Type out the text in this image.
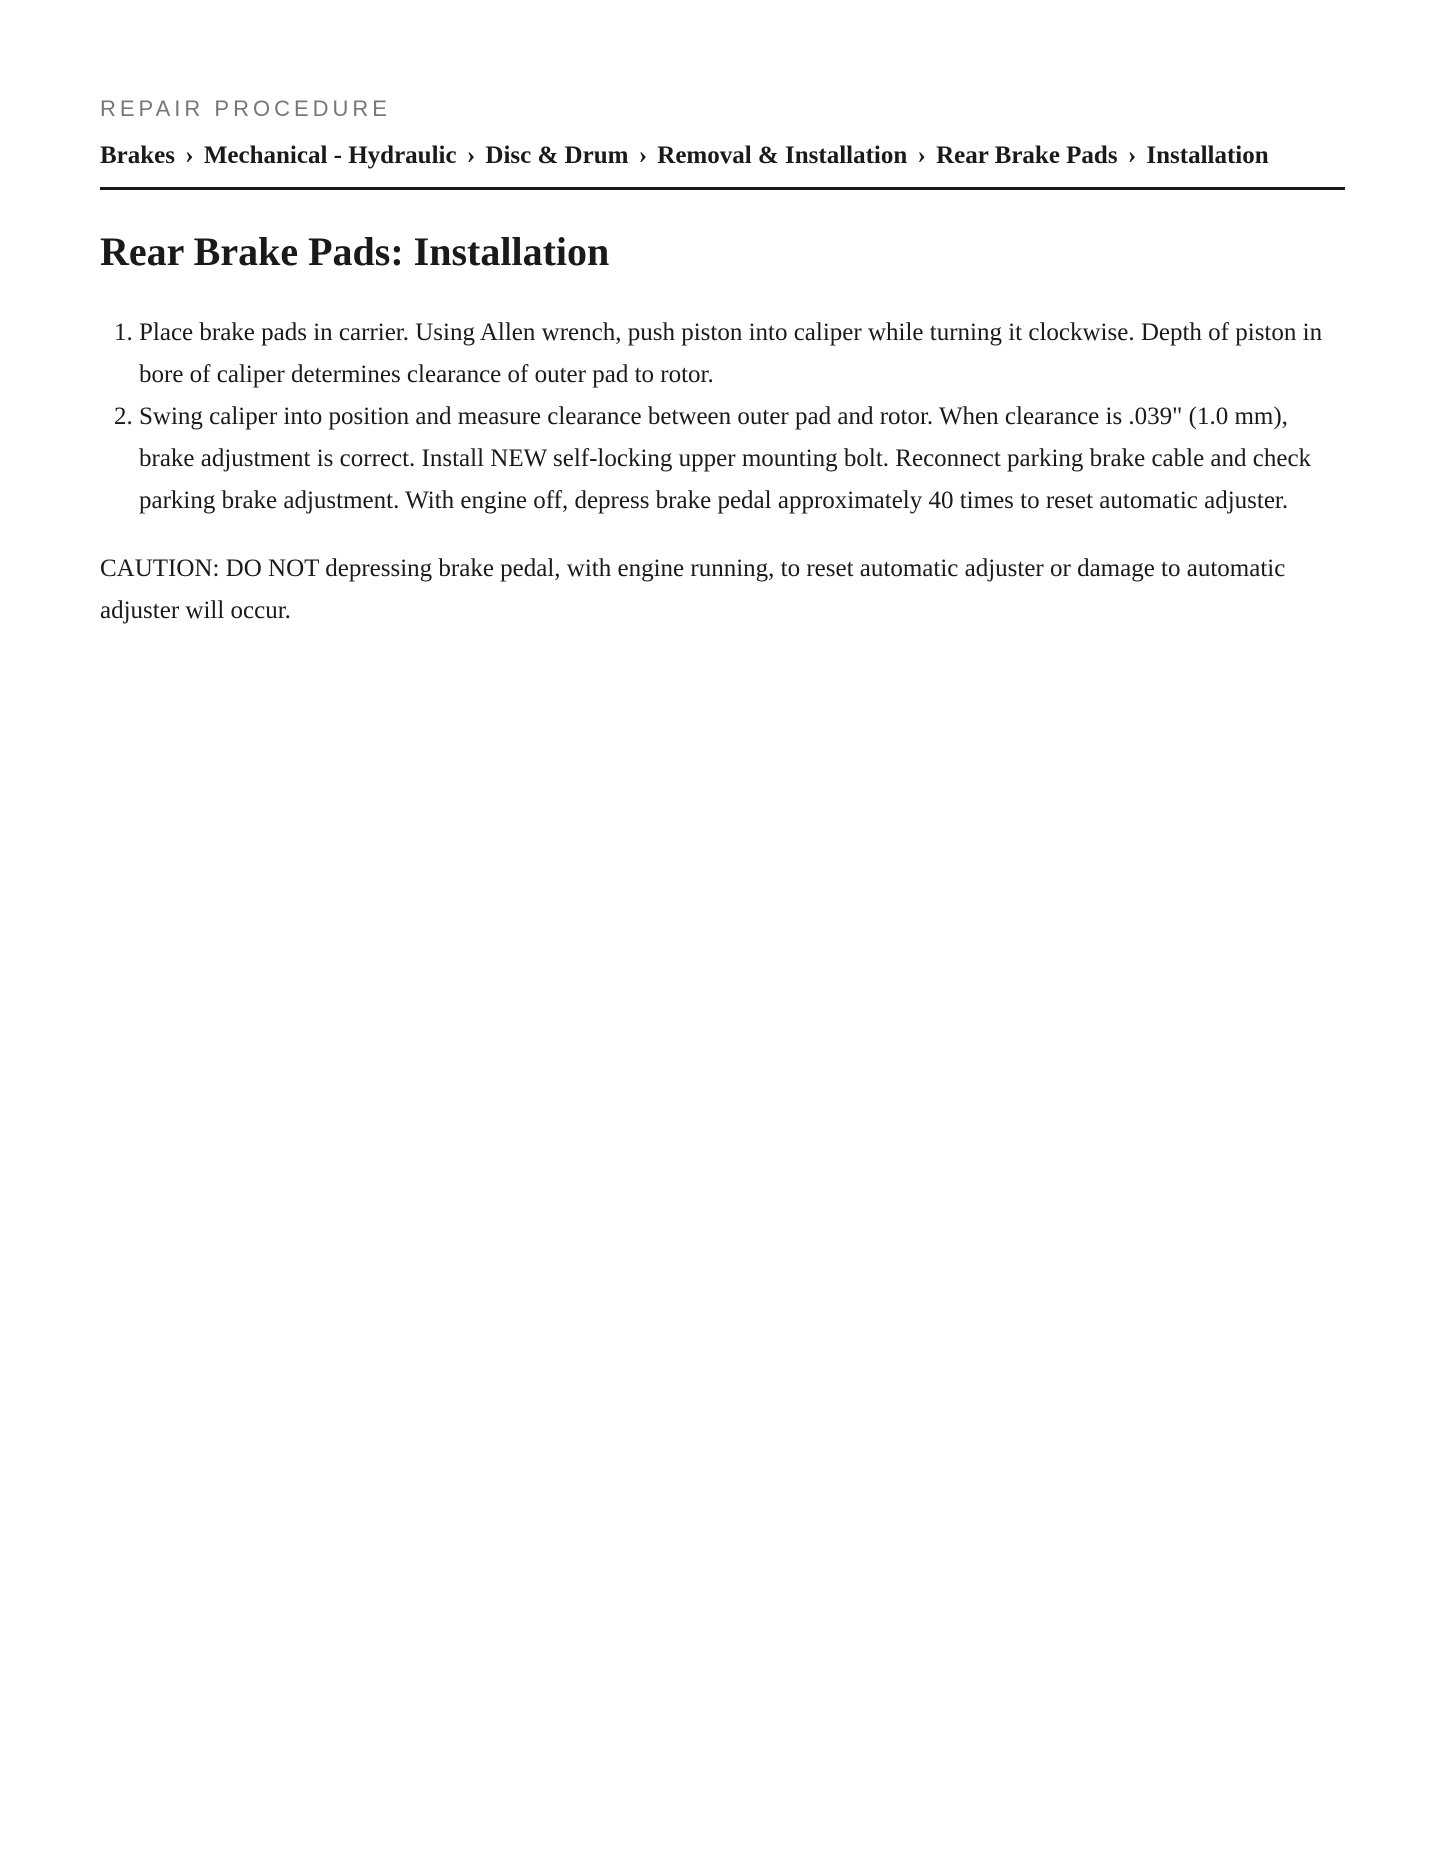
REPAIR PROCEDURE

Brakes › Mechanical - Hydraulic › Disc & Drum › Removal & Installation › Rear Brake Pads › Installation
Rear Brake Pads: Installation
1. Place brake pads in carrier. Using Allen wrench, push piston into caliper while turning it clockwise. Depth of piston in bore of caliper determines clearance of outer pad to rotor.
2. Swing caliper into position and measure clearance between outer pad and rotor. When clearance is .039" (1.0 mm), brake adjustment is correct. Install NEW self-locking upper mounting bolt. Reconnect parking brake cable and check parking brake adjustment. With engine off, depress brake pedal approximately 40 times to reset automatic adjuster.

CAUTION: DO NOT depressing brake pedal, with engine running, to reset automatic adjuster or damage to automatic adjuster will occur.
